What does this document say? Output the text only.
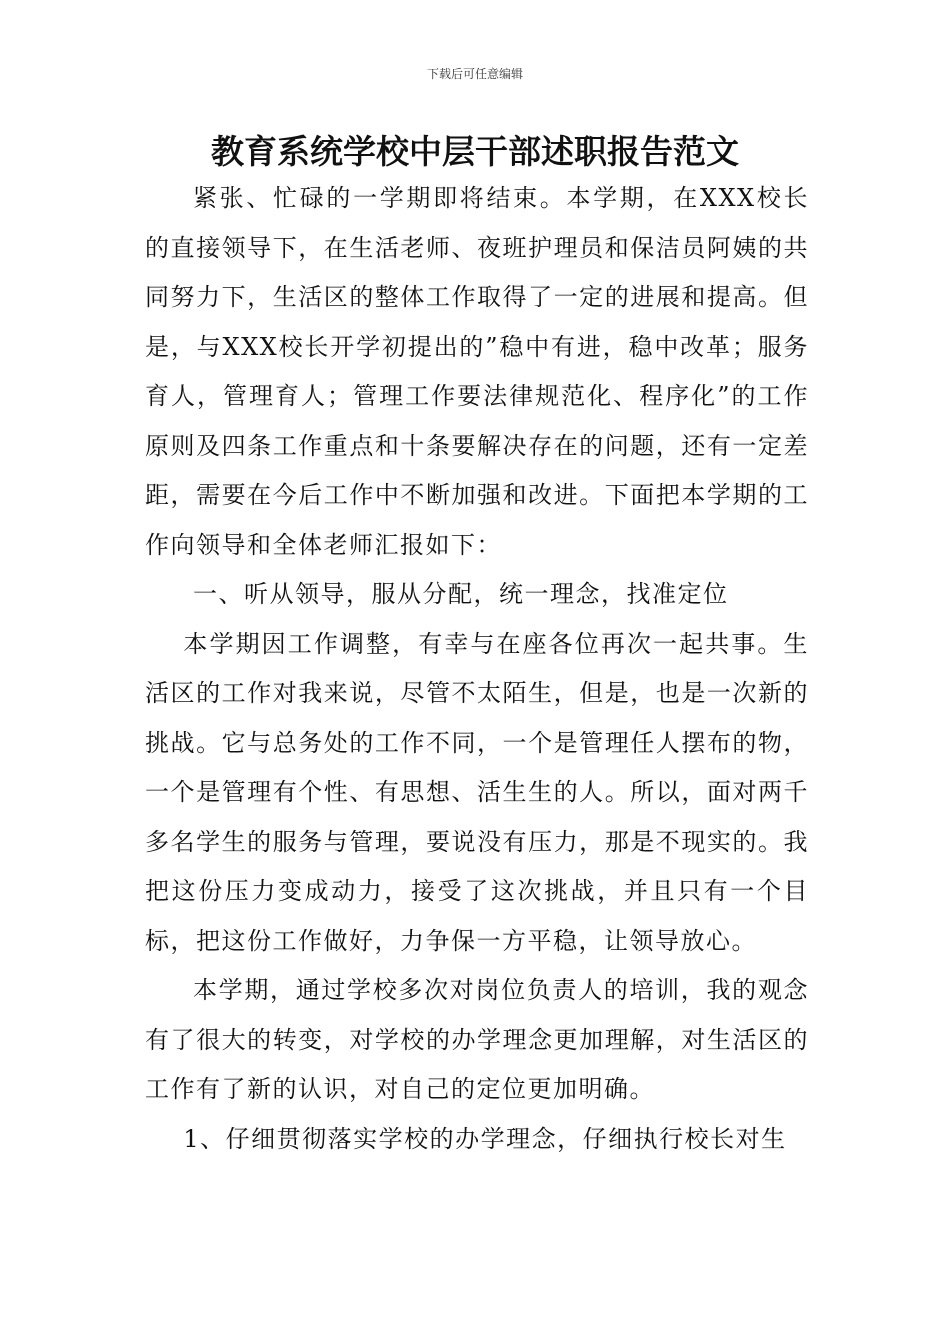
下载后可任意编辑
教育系统学校中层干部述职报告范文

紧张、忙碌的一学期即将结束。本学期，在XXX校长的直接领导下，在生活老师、夜班护理员和保洁员阿姨的共同努力下，生活区的整体工作取得了一定的进展和提高。但是，与XXX校长开学初提出的”稳中有进，稳中改革；服务育人，管理育人；管理工作要法律规范化、程序化”的工作原则及四条工作重点和十条要解决存在的问题，还有一定差距，需要在今后工作中不断加强和改进。下面把本学期的工作向领导和全体老师汇报如下：

一、听从领导，服从分配，统一理念，找准定位

本学期因工作调整，有幸与在座各位再次一起共事。生活区的工作对我来说，尽管不太陌生，但是，也是一次新的挑战。它与总务处的工作不同，一个是管理任人摆布的物，一个是管理有个性、有思想、活生生的人。所以，面对两千多名学生的服务与管理，要说没有压力，那是不现实的。我把这份压力变成动力，接受了这次挑战，并且只有一个目标，把这份工作做好，力争保一方平稳，让领导放心。

本学期，通过学校多次对岗位负责人的培训，我的观念有了很大的转变，对学校的办学理念更加理解，对生活区的工作有了新的认识，对自己的定位更加明确。

1、仔细贯彻落实学校的办学理念，仔细执行校长对生
